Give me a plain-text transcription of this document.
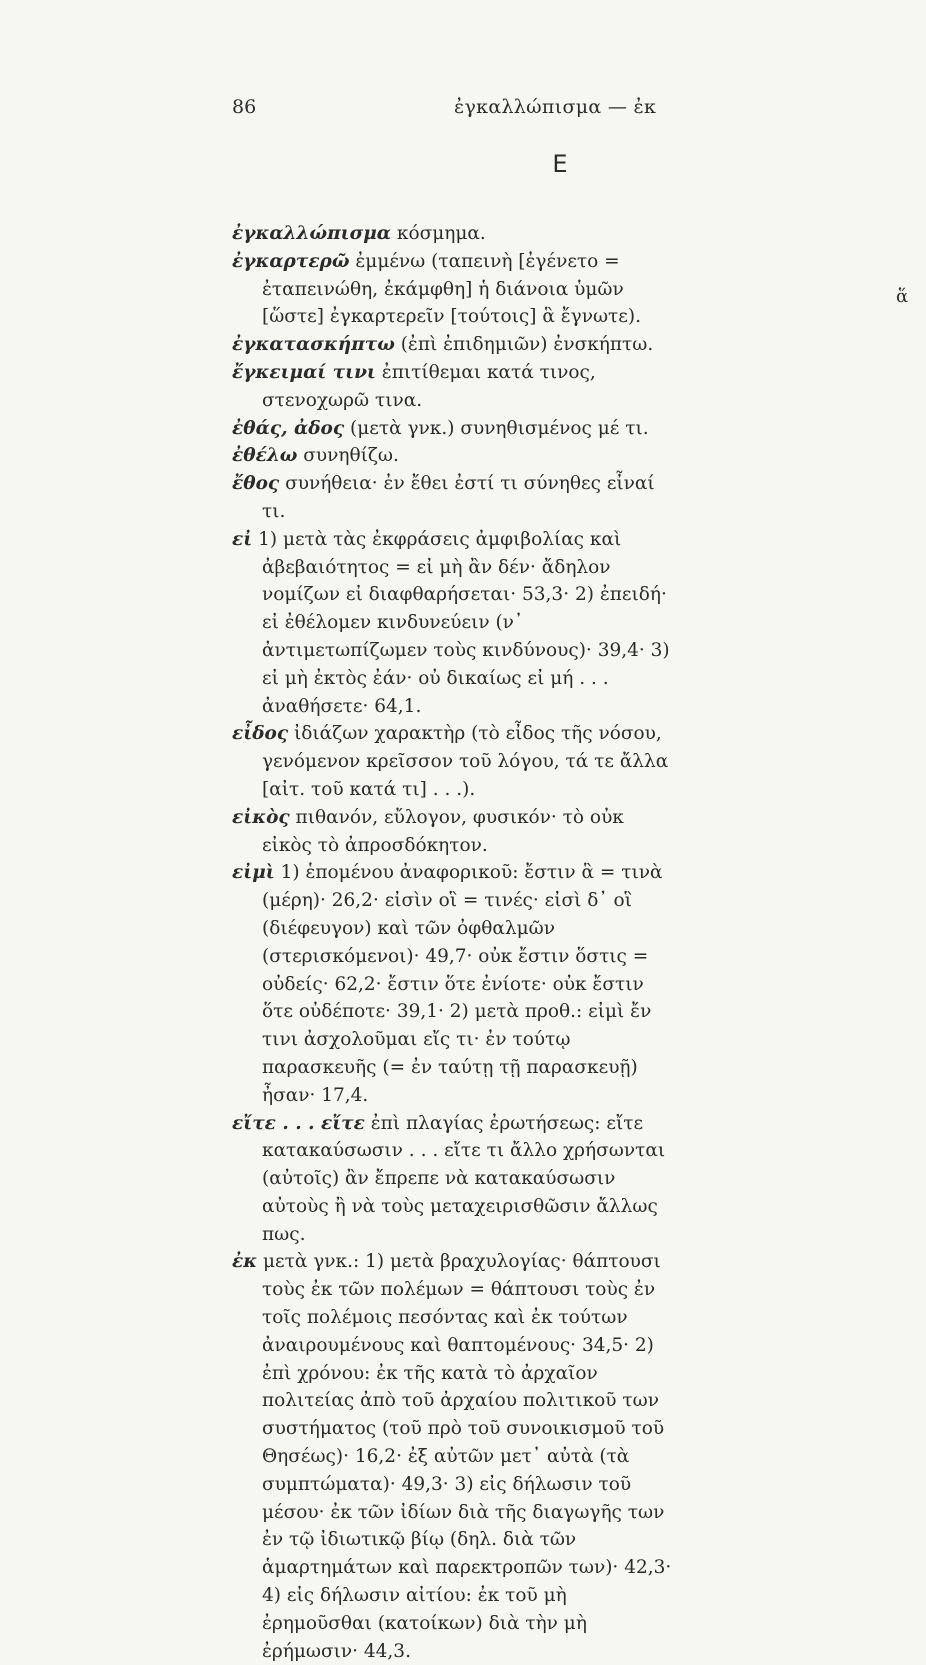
86	ἐγκαλλώπισμα — ἐκ
Ε
ἅ

ἐγκαλλώπισμα κόσμημα.

ἐγκαρτερῶ ἐμμένω (ταπεινὴ [ἐγένετο = ἐταπεινώθη, ἐκάμφθη] ἡ διάνοια ὑμῶν [ὥστε] ἐγκαρτερεῖν [τούτοις] ἃ ἔγνωτε).

ἐγκατασκήπτω (ἐπὶ ἐπιδημιῶν) ἐνσκήπτω.

ἔγκειμαί τινι ἐπιτίθεμαι κατά τινος, στενοχωρῶ τινα.

ἐθάς, ἀδος (μετὰ γνκ.) συνηθισμένος μέ τι.

ἐθέλω συνηθίζω.

ἔθος συνήθεια· ἐν ἔθει ἐστί τι σύνηθες εἶναί τι.

εἰ 1) μετὰ τὰς ἐκφράσεις ἀμφιβολίας καὶ ἀβεβαιότητος = εἰ μὴ ἂν δέν· ἄδηλον νομίζων εἰ διαφθαρήσεται· 53,3· 2) ἐπειδή· εἰ ἐθέλομεν κινδυνεύειν (ν᾿ ἀντιμετωπίζωμεν τοὺς κινδύνους)· 39,4· 3) εἰ μὴ ἐκτὸς ἐάν· οὐ δικαίως εἰ μή . . . ἀναθήσετε· 64,1.

εἶδος ἰδιάζων χαρακτὴρ (τὸ εἶδος τῆς νόσου, γενόμενον κρεῖσσον τοῦ λόγου, τά τε ἄλλα [αἰτ. τοῦ κατά τι] . . .).

εἰκὸς πιθανόν, εὔλογον, φυσικόν· τὸ οὐκ εἰκὸς τὸ ἀπροσδόκητον.

εἰμὶ 1) ἑπομένου ἀναφορικοῦ: ἔστιν ἃ = τινὰ (μέρη)· 26,2· εἰσὶν οἳ = τινές· εἰσὶ δ᾿ οἳ (διέφευγον) καὶ τῶν ὀφθαλμῶν (στερισκόμενοι)· 49,7· οὐκ ἔστιν ὅστις = οὐδείς· 62,2· ἔστιν ὅτε ἐνίοτε· οὐκ ἔστιν ὅτε οὐδέποτε· 39,1· 2) μετὰ προθ.: εἰμὶ ἔν τινι ἀσχολοῦμαι εἴς τι· ἐν τούτῳ παρασκευῆς (= ἐν ταύτῃ τῇ παρασκευῇ) ἦσαν· 17,4.

εἴτε . . . εἴτε ἐπὶ πλαγίας ἐρωτήσεως: εἴτε κατακαύσωσιν . . . εἴτε τι ἄλλο χρήσωνται (αὐτοῖς) ἂν ἔπρεπε νὰ κατακαύσωσιν αὐτοὺς ἢ νὰ τοὺς μεταχειρισθῶσιν ἄλλως πως.

ἐκ μετὰ γνκ.: 1) μετὰ βραχυλογίας· θάπτουσι τοὺς ἐκ τῶν πολέμων = θάπτουσι τοὺς ἐν τοῖς πολέμοις πεσόντας καὶ ἐκ τούτων ἀναιρουμένους καὶ θαπτομένους· 34,5· 2) ἐπὶ χρόνου: ἐκ τῆς κατὰ τὸ ἀρχαῖον πολιτείας ἀπὸ τοῦ ἀρχαίου πολιτικοῦ των συστήματος (τοῦ πρὸ τοῦ συνοικισμοῦ τοῦ Θησέως)· 16,2· ἐξ αὐτῶν μετ᾿ αὐτὰ (τὰ συμπτώματα)· 49,3· 3) εἰς δήλωσιν τοῦ μέσου· ἐκ τῶν ἰδίων διὰ τῆς διαγωγῆς των ἐν τῷ ἰδιωτικῷ βίῳ (δηλ. διὰ τῶν ἁμαρτημάτων καὶ παρεκτροπῶν των)· 42,3· 4) εἰς δήλωσιν αἰτίου: ἐκ τοῦ μὴ ἐρημοῦσθαι (κατοίκων) διὰ τὴν μὴ ἐρήμωσιν· 44,3.
